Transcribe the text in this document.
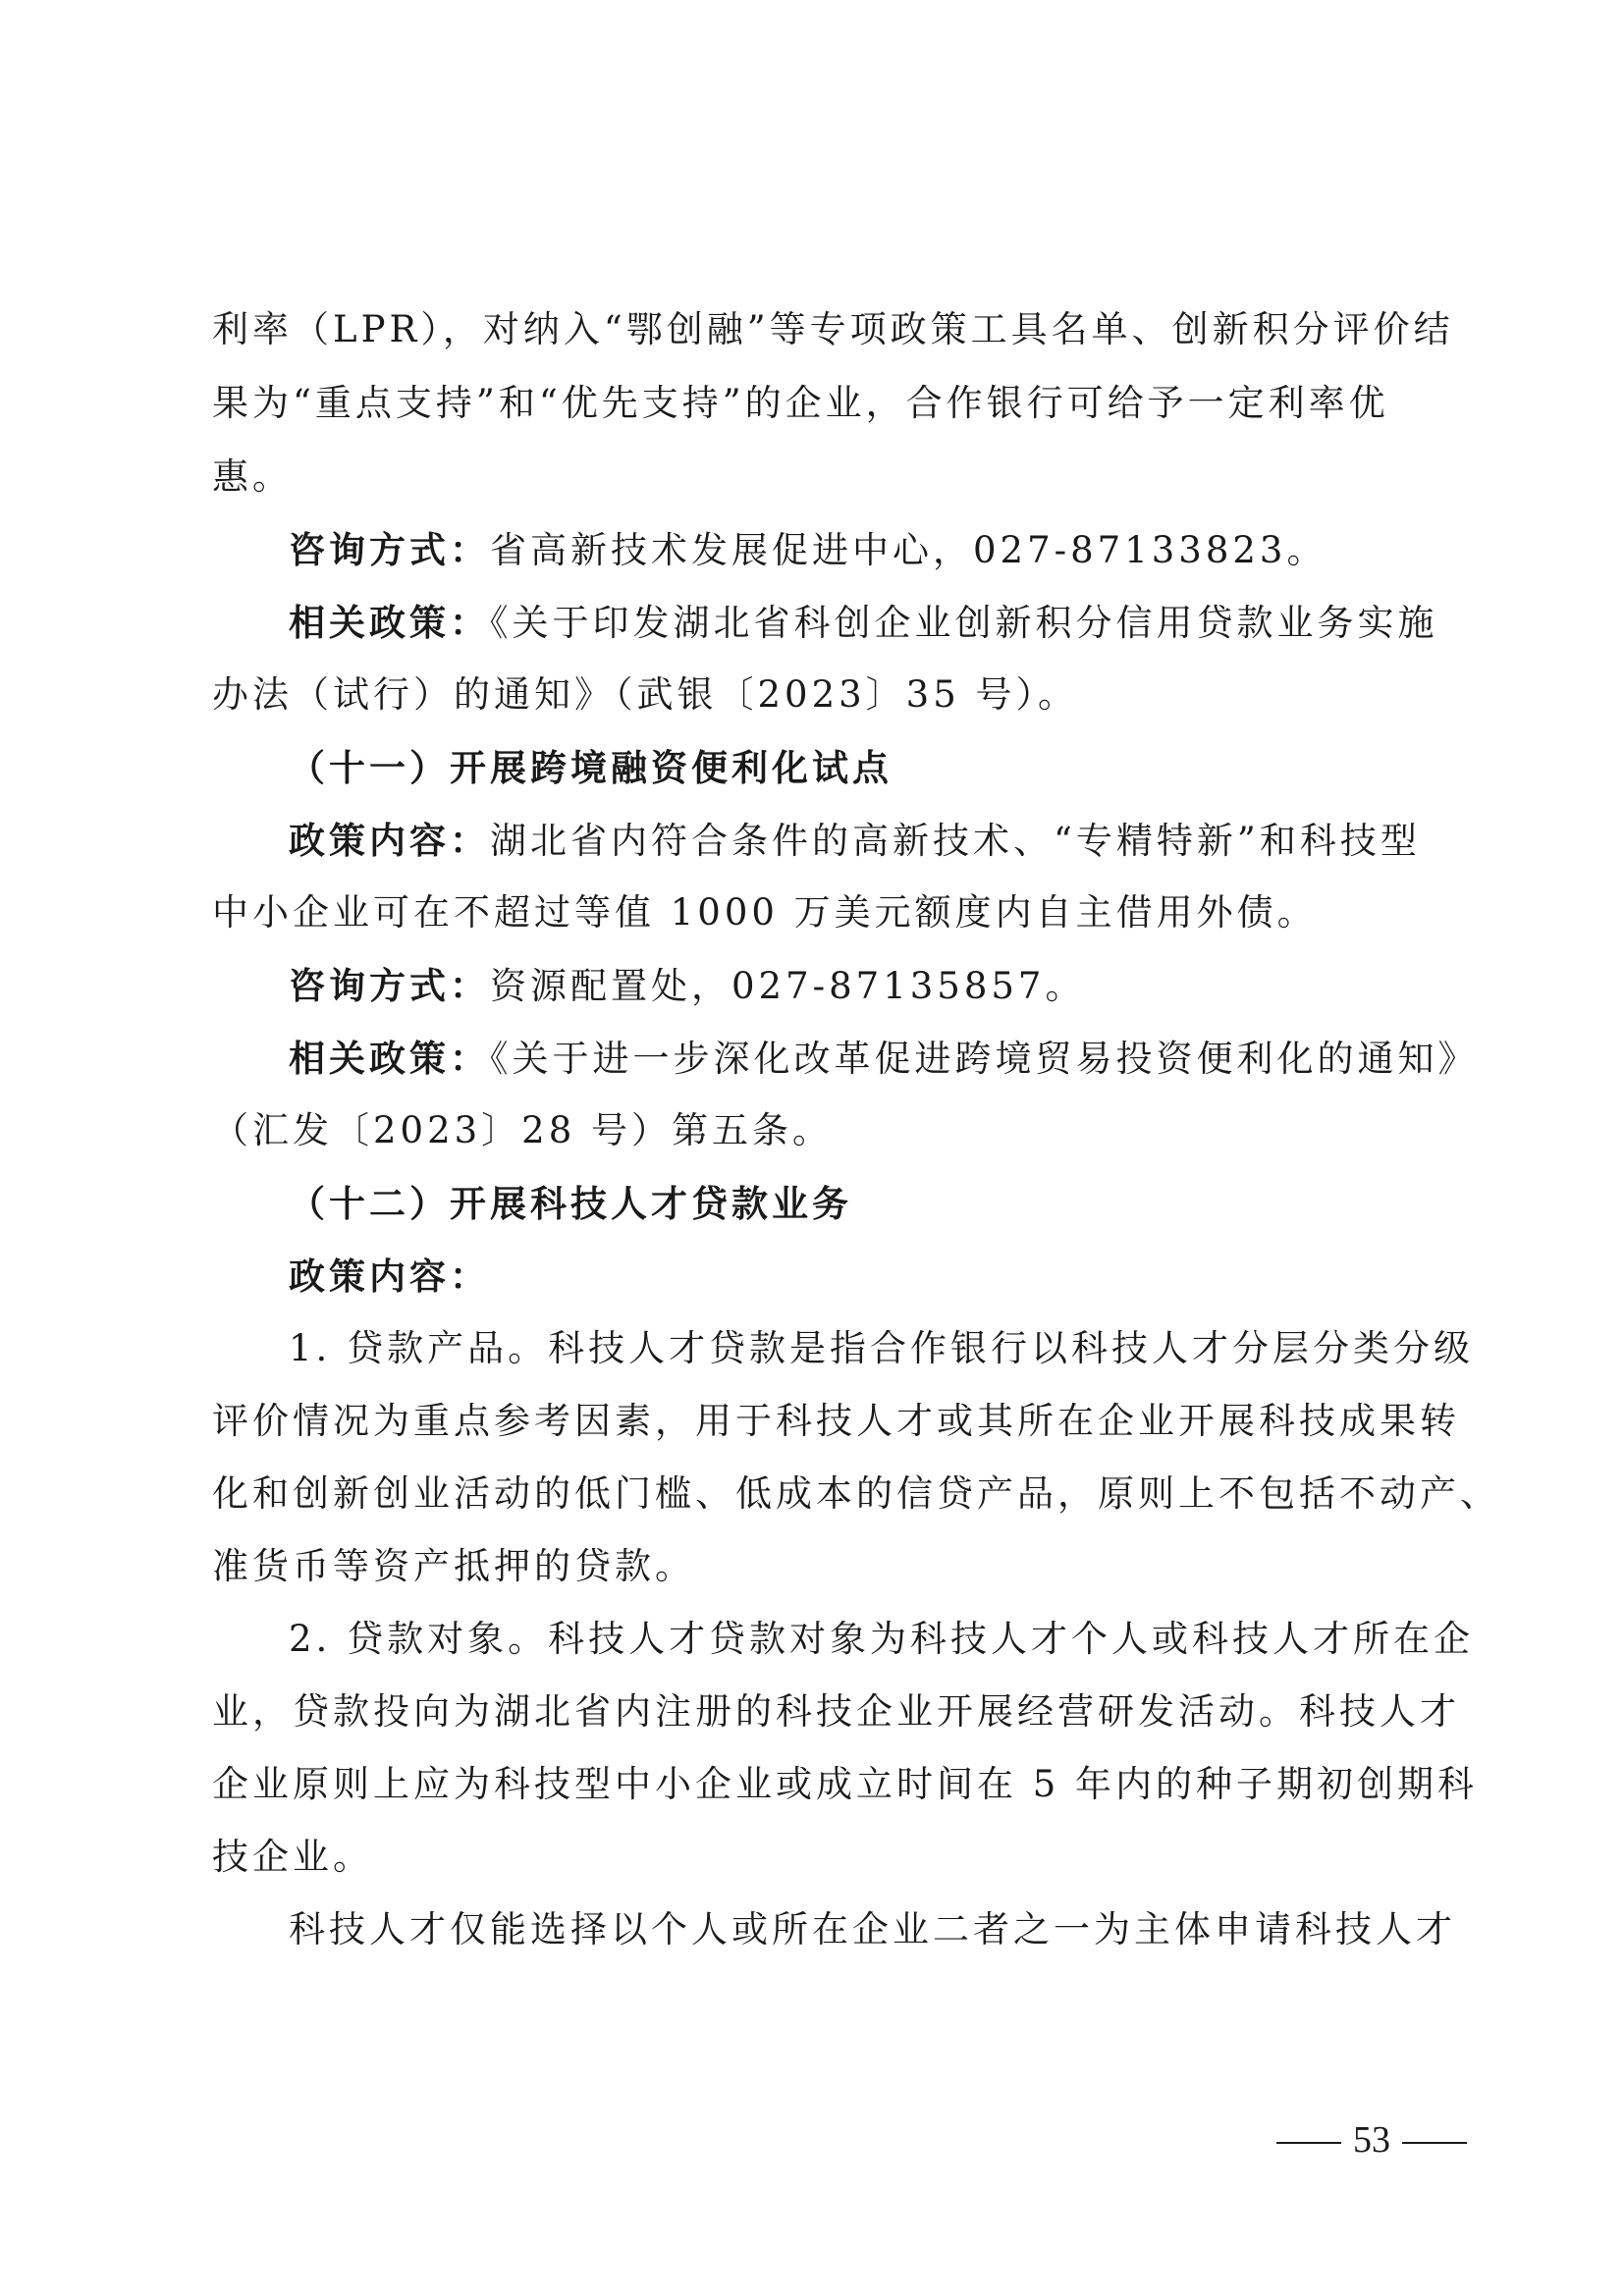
利率（LPR），对纳入“鄂创融”等专项政策工具名单、创新积分评价结
果为“重点支持”和“优先支持”的企业，合作银行可给予一定利率优
惠。
咨询方式：省高新技术发展促进中心，027-87133823。
相关政策：《关于印发湖北省科创企业创新积分信用贷款业务实施
办法（试行）的通知》（武银〔2023〕35 号）。
（十一）开展跨境融资便利化试点
政策内容：湖北省内符合条件的高新技术、“专精特新”和科技型
中小企业可在不超过等值 1000 万美元额度内自主借用外债。
咨询方式：资源配置处，027-87135857。
相关政策：《关于进一步深化改革促进跨境贸易投资便利化的通知》
（汇发〔2023〕28 号）第五条。
（十二）开展科技人才贷款业务
政策内容：
1. 贷款产品。科技人才贷款是指合作银行以科技人才分层分类分级
评价情况为重点参考因素，用于科技人才或其所在企业开展科技成果转
化和创新创业活动的低门槛、低成本的信贷产品，原则上不包括不动产、
准货币等资产抵押的贷款。
2. 贷款对象。科技人才贷款对象为科技人才个人或科技人才所在企
业，贷款投向为湖北省内注册的科技企业开展经营研发活动。科技人才
企业原则上应为科技型中小企业或成立时间在 5 年内的种子期初创期科
技企业。
科技人才仅能选择以个人或所在企业二者之一为主体申请科技人才
53
